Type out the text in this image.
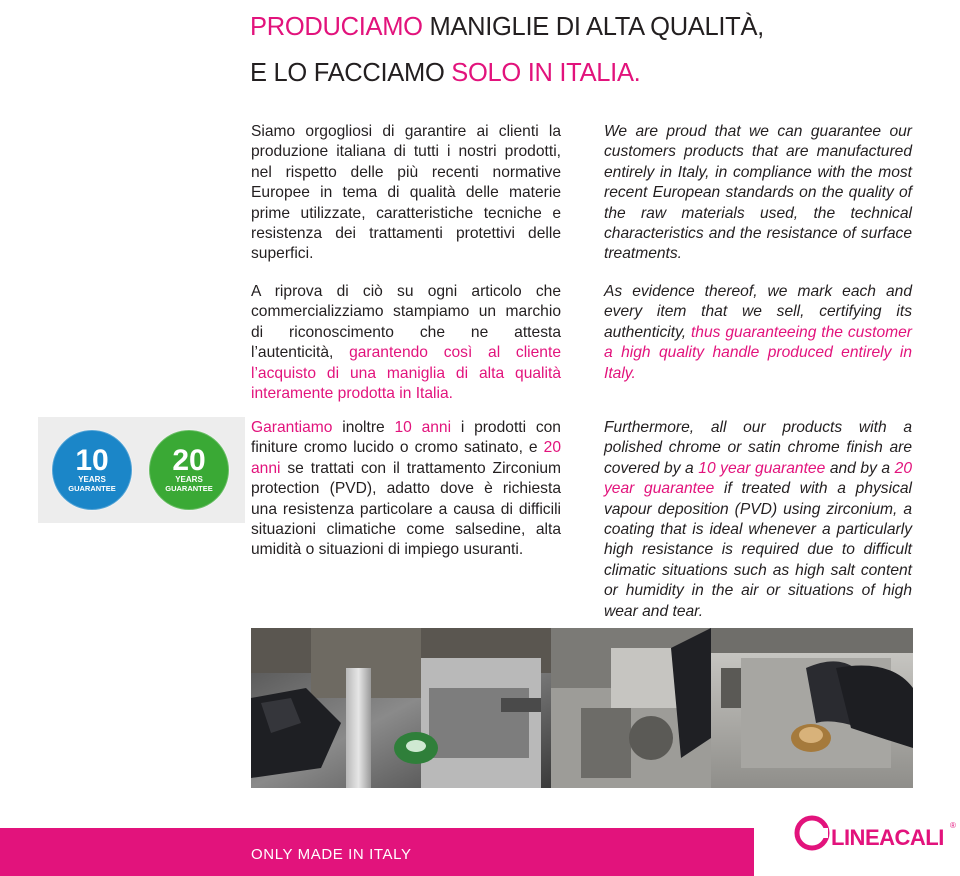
PRODUCIAMO MANIGLIE DI ALTA QUALITÀ,
E LO FACCIAMO SOLO IN ITALIA.

Siamo orgogliosi di garantire ai clienti la produzione italiana di tutti i nostri prodotti, nel rispetto delle più recenti normative Europee in tema di qualità delle materie prime utilizzate, caratteristiche tecniche e resistenza dei trattamenti protettivi delle superfici.

A riprova di ciò su ogni articolo che commercializziamo stampiamo un marchio di riconoscimento che ne attesta l’autenticità, garantendo così al cliente l’acquisto di una maniglia di alta qualità interamente prodotta in Italia.

Garantiamo inoltre 10 anni i prodotti con finiture cromo lucido o cromo satinato, e 20 anni se trattati con il trattamento Zirconium protection (PVD), adatto dove è richiesta una resistenza particolare a causa di difficili situazioni climatiche come salsedine, alta umidità o situazioni di impiego usuranti.

We are proud that we can guarantee our customers products that are manufactured entirely in Italy, in compliance with the most recent European standards on the quality of the raw materials used, the technical characteristics and the resistance of surface treatments.

As evidence thereof, we mark each and every item that we sell, certifying its authenticity, thus guaranteeing the customer a high quality handle produced entirely in Italy.

Furthermore, all our products with a polished chrome or satin chrome finish are covered by a 10 year guarantee and by a 20 year guarantee if treated with a physical vapour deposition (PVD) using zirconium, a coating that is ideal whenever a particularly high resistance is required due to difficult climatic situations such as high salt content or humidity in the air or situations of high wear and tear.

10
YEARS
GUARANTEE
20
YEARS
GUARANTEE
ONLY MADE IN ITALY
LINEACALI ®
